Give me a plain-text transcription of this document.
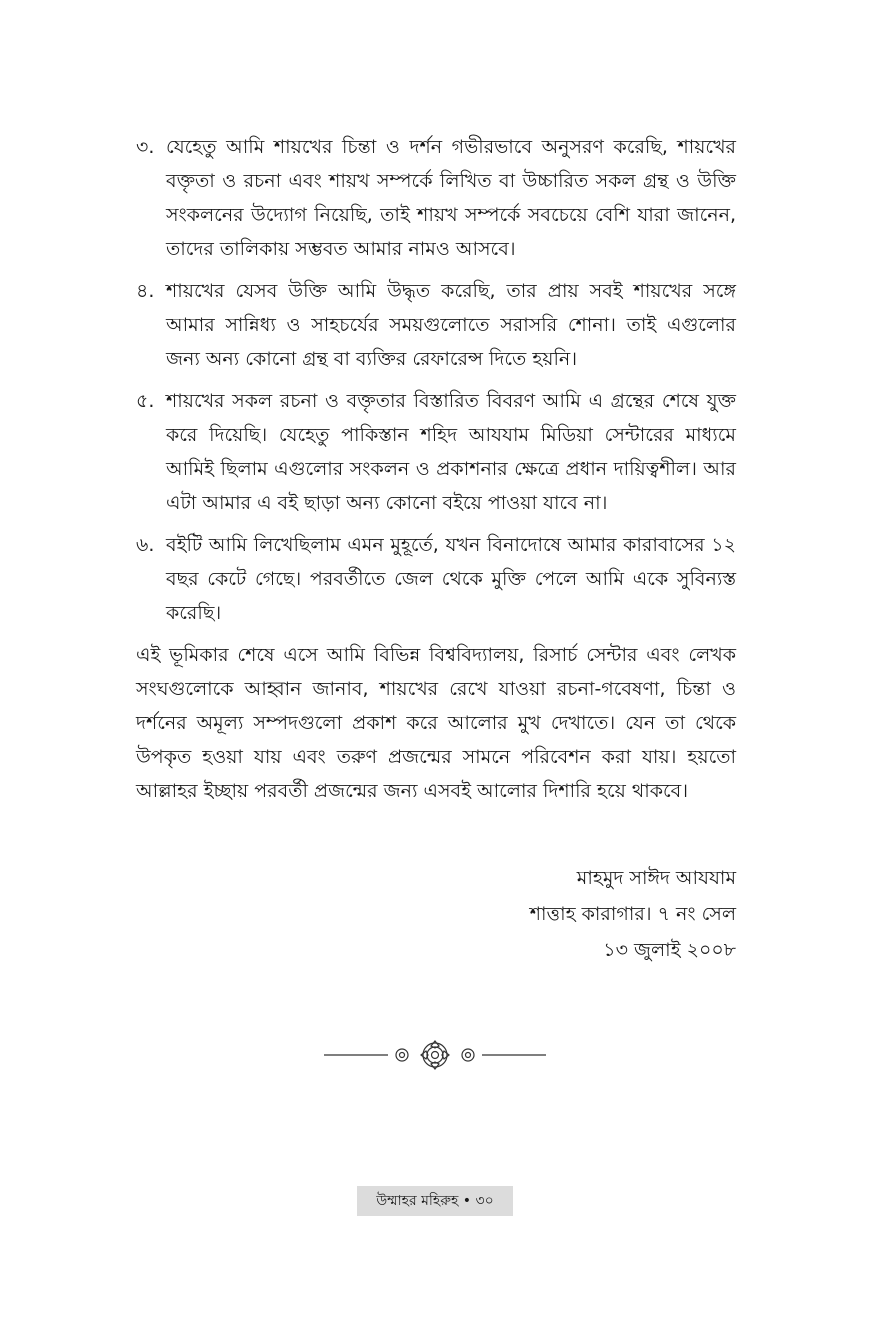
৩. যেহেতু আমি শায়খের চিন্তা ও দর্শন গভীরভাবে অনুসরণ করেছি, শায়খের বক্তৃতা ও রচনা এবং শায়খ সম্পর্কে লিখিত বা উচ্চারিত সকল গ্রন্থ ও উক্তি সংকলনের উদ্যোগ নিয়েছি, তাই শায়খ সম্পর্কে সবচেয়ে বেশি যারা জানেন, তাদের তালিকায় সম্ভবত আমার নামও আসবে।
৪. শায়খের যেসব উক্তি আমি উদ্ধৃত করেছি, তার প্রায় সবই শায়খের সঙ্গে আমার সান্নিধ্য ও সাহচর্যের সময়গুলোতে সরাসরি শোনা। তাই এগুলোর জন্য অন্য কোনো গ্রন্থ বা ব্যক্তির রেফারেন্স দিতে হয়নি।
৫. শায়খের সকল রচনা ও বক্তৃতার বিস্তারিত বিবরণ আমি এ গ্রন্থের শেষে যুক্ত করে দিয়েছি। যেহেতু পাকিস্তান শহিদ আযযাম মিডিয়া সেন্টারের মাধ্যমে আমিই ছিলাম এগুলোর সংকলন ও প্রকাশনার ক্ষেত্রে প্রধান দায়িত্বশীল। আর এটা আমার এ বই ছাড়া অন্য কোনো বইয়ে পাওয়া যাবে না।
৬. বইটি আমি লিখেছিলাম এমন মুহূর্তে, যখন বিনাদোষে আমার কারাবাসের ১২ বছর কেটে গেছে। পরবর্তীতে জেল থেকে মুক্তি পেলে আমি একে সুবিন্যস্ত করেছি।

এই ভূমিকার শেষে এসে আমি বিভিন্ন বিশ্ববিদ্যালয়, রিসার্চ সেন্টার এবং লেখক সংঘগুলোকে আহ্বান জানাব, শায়খের রেখে যাওয়া রচনা-গবেষণা, চিন্তা ও দর্শনের অমূল্য সম্পদগুলো প্রকাশ করে আলোর মুখ দেখাতে। যেন তা থেকে উপকৃত হওয়া যায় এবং তরুণ প্রজন্মের সামনে পরিবেশন করা যায়। হয়তো আল্লাহর ইচ্ছায় পরবর্তী প্রজন্মের জন্য এসবই আলোর দিশারি হয়ে থাকবে।

মাহমুদ সাঈদ আযযাম
শাত্তাহ কারাগার। ৭ নং সেল
১৩ জুলাই ২০০৮
উম্মাহর মহিরুহ • ৩০
